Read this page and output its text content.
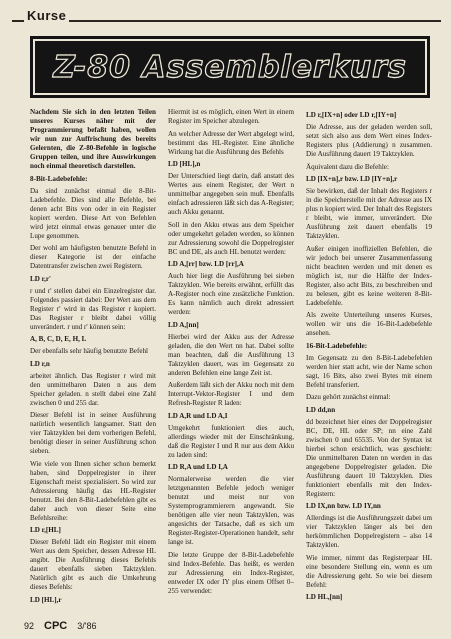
Kurse
Z-80 Assemblerkurs

Nachdem Sie sich in den letzten Teilen unseres Kurses näher mit der Programmierung befaßt haben, wollen wir nun zur Auffrischung des bereits Gelernten, die Z-80-Befehle in logische Gruppen teilen, und ihre Auswirkungen noch einmal theoretisch darstellen.

8-Bit-Ladebefehle:

Da sind zunächst einmal die 8-Bit-Ladebefehle. Dies sind alle Befehle, bei denen acht Bits von oder in ein Register kopiert werden. Diese Art von Befehlen wird jetzt einmal etwas genauer unter die Lupe genommen.

Der wohl am häufigsten benutzte Befehl in dieser Kategorie ist der einfache Datentransfer zwischen zwei Registern.

LD r,r'

r und r' stellen dabei ein Einzelregister dar. Folgendes passiert dabei: Der Wert aus dem Register r' wird in das Register r kopiert. Das Register r bleibt dabei völlig unverändert. r und r' können sein:

A, B, C, D, E, H, L

Der ebenfalls sehr häufig benutzte Befehl

LD r,n

arbeitet ähnlich. Das Register r wird mit den unmittelbaren Daten n aus dem Speicher geladen. n stellt dabei eine Zahl zwischen 0 und 255 dar.

Dieser Befehl ist in seiner Ausführung natürlich wesentlich langsamer. Statt den vier Taktzyklen bei dem vorherigen Befehl, benötigt dieser in seiner Ausführung schon sieben.

Wie viele von Ihnen sicher schon bemerkt haben, sind Doppelregister in ihrer Eigenschaft meist spezialisiert. So wird zur Adressierung häufig das HL-Register benutzt. Bei den 8-Bit-Ladebefehlen gibt es daher auch von dieser Seite eine Befehlsreihe:

LD r,[HL]

Dieser Befehl lädt ein Register mit einem Wert aus dem Speicher, dessen Adresse HL angibt. Die Ausführung dieses Befehls dauert ebenfalls sieben Taktzyklen. Natürlich gibt es auch die Umkehrung dieses Befehls:

LD [HL],r

Hiermit ist es möglich, einen Wert in einem Register im Speicher abzulegen.

An welcher Adresse der Wert abgelegt wird, bestimmt das HL-Register. Eine ähnliche Wirkung hat die Ausführung des Befehls

LD [HL],n

Der Unterschied liegt darin, daß anstatt des Wertes aus einem Register, der Wert n unmittelbar angegeben sein muß. Ebenfalls einfach adressieren läßt sich das A-Register; auch Akku genannt.

Soll in den Akku etwas aus dem Speicher oder umgekehrt geladen werden, so können zur Adressierung sowohl die Doppelregister BC und DE, als auch HL benutzt werden:

LD A,[rr] bzw. LD [rr],A

Auch hier liegt die Ausführung bei sieben Taktzyklen. Wie bereits erwähnt, erfüllt das A-Register noch eine zusätzliche Funktion. Es kann nämlich auch direkt adressiert werden:

LD A,[nn]

Hierbei wird der Akku aus der Adresse geladen, die den Wert nn hat. Dabei sollte man beachten, daß die Ausführung 13 Taktzyklen dauert, was im Gegensatz zu anderen Befehlen eine lange Zeit ist.

Außerdem läßt sich der Akku noch mit dem Interrupt-Vektor-Register I und dem Refresh-Register R laden:

LD A,R und LD A,I

Umgekehrt funktioniert dies auch, allerdings wieder mit der Einschränkung, daß die Register I und R nur aus dem Akku zu laden sind:

LD R,A und LD I,A

Normalerweise werden die vier letztgenannten Befehle jedoch weniger benutzt und meist nur von Systemprogrammierern angewandt. Sie benötigen alle vier neun Taktzyklen, was angesichts der Tatsache, daß es sich um Register-Register-Operationen handelt, sehr lange ist.

Die letzte Gruppe der 8-Bit-Ladebefehle sind Index-Befehle. Das heißt, es werden zur Adressierung ein Index-Register, entweder IX oder IY plus einem Offset 0–255 verwendet:

LD r,[IX+n] oder LD r,[IY+n]

Die Adresse, aus der geladen werden soll, setzt sich also aus dem Wert eines Index-Registers plus (Addierung) n zusammen. Die Ausführung dauert 19 Taktzyklen.

Äquivalent dazu die Befehle:

LD [IX+n],r bzw. LD [IY+n],r

Sie bewirken, daß der Inhalt des Registers r in die Speicherstelle mit der Adresse aus IX plus n kopiert wird. Der Inhalt des Registers r bleibt, wie immer, unverändert. Die Ausführung zeit dauert ebenfalls 19 Taktzyklen.

Außer einigen inoffiziellen Befehlen, die wir jedoch bei unserer Zusammenfassung nicht beachten werden und mit denen es möglich ist, nur die Hälfte der Index-Register, also acht Bits, zu beschreiben und zu belesen, gibt es keine weiteren 8-Bit-Ladebefehle.

Als zweite Unterteilung unseres Kurses, wollen wir uns die 16-Bit-Ladebefehle ansehen.

16-Bit-Ladebefehle:

Im Gegensatz zu den 8-Bit-Ladebefehlen werden hier statt acht, wie der Name schon sagt, 16 Bits, also zwei Bytes mit einem Befehl transferiert.

Dazu gehört zunächst einmal:

LD dd,nn

dd bezeichnet hier eines der Doppelregister BC, DE, HL oder SP; nn eine Zahl zwischen 0 und 65535. Von der Syntax ist hierbei schon ersichtlich, was geschieht: Die unmittelbaren Daten nn werden in das angegebene Doppelregister geladen. Die Ausführung dauert 10 Taktzyklen. Dies funktioniert ebenfalls mit den Index-Registern:

LD IX,nn bzw. LD IY,nn

Allerdings ist die Ausführungszeit dabei um vier Taktzyklen länger als bei den herkömmlichen Doppelregistern – also 14 Taktzyklen.

Wie immer, nimmt das Registerpaar HL eine besondere Stellung ein, wenn es um die Adressierung geht. So wie bei diesem Befehl:

LD HL,[nn]

92 CPC 3/'86
